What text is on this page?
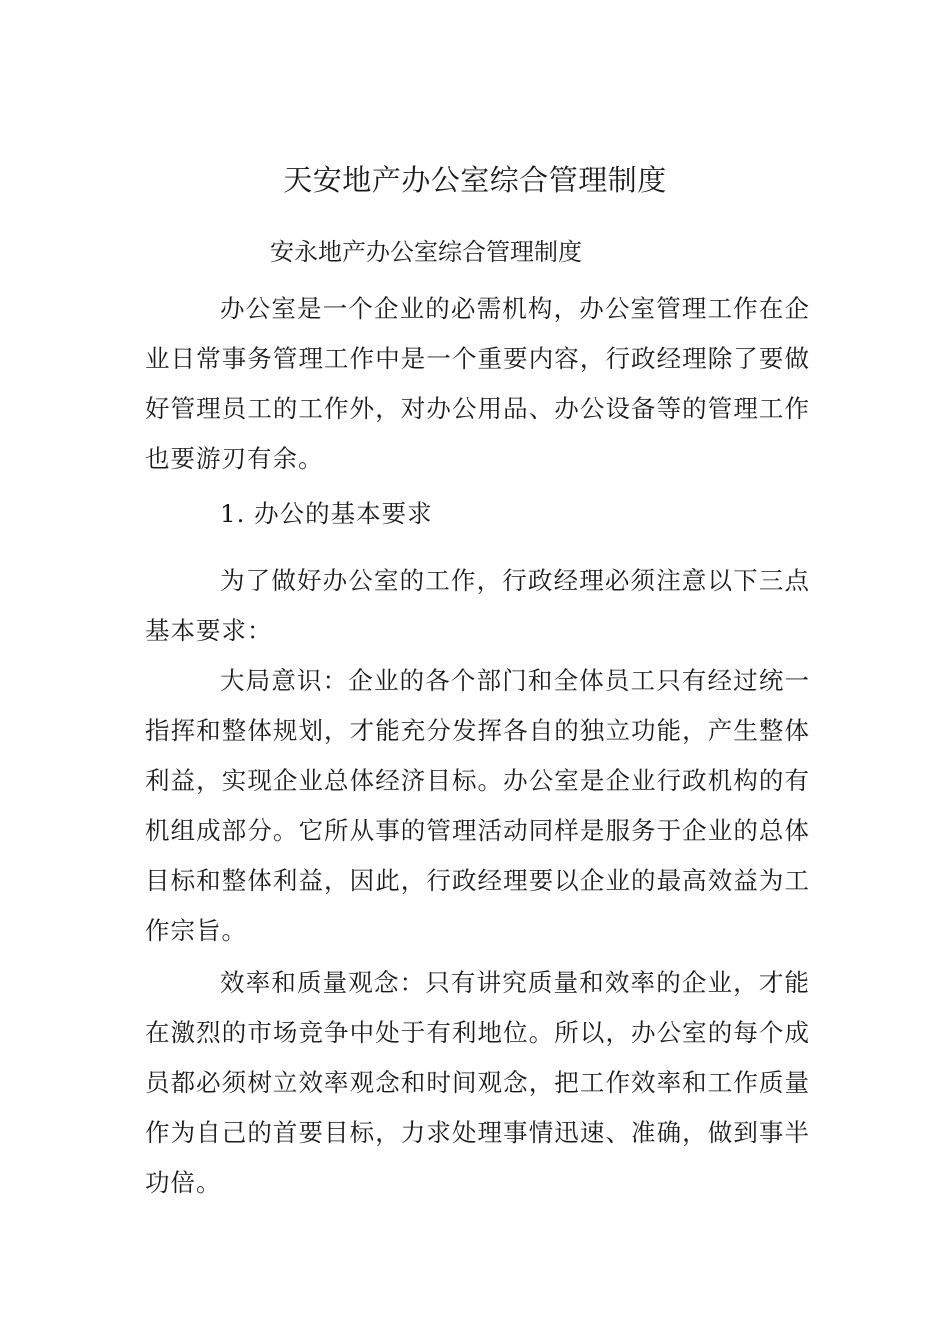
天安地产办公室综合管理制度
安永地产办公室综合管理制度

办公室是一个企业的必需机构，办公室管理工作在企业日常事务管理工作中是一个重要内容，行政经理除了要做好管理员工的工作外，对办公用品、办公设备等的管理工作也要游刃有余。

1. 办公的基本要求

为了做好办公室的工作，行政经理必须注意以下三点基本要求：

大局意识：企业的各个部门和全体员工只有经过统一指挥和整体规划，才能充分发挥各自的独立功能，产生整体利益，实现企业总体经济目标。办公室是企业行政机构的有机组成部分。它所从事的管理活动同样是服务于企业的总体目标和整体利益，因此，行政经理要以企业的最高效益为工作宗旨。

效率和质量观念：只有讲究质量和效率的企业，才能在激烈的市场竞争中处于有利地位。所以，办公室的每个成员都必须树立效率观念和时间观念，把工作效率和工作质量作为自己的首要目标，力求处理事情迅速、准确，做到事半功倍。
